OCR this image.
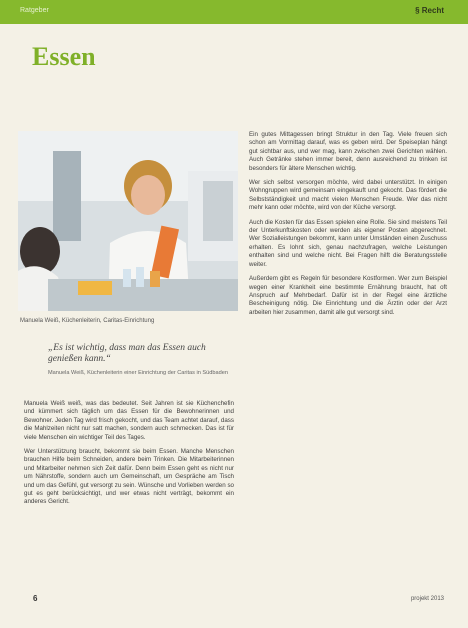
Ratgeber	§ Recht
Essen
Manuela Weiß, Küchenleiterin, Caritas-Einrichtung
„Es ist wichtig, dass man das Essen auch genießen kann.“
Manuela Weiß, Küchenleiterin einer Einrichtung der Caritas in Südbaden

Manuela Weiß weiß, was das bedeutet. Seit Jahren ist sie Küchenchefin und kümmert sich täglich um das Essen für die Bewohnerinnen und Bewohner. Jeden Tag wird frisch gekocht, und das Team achtet darauf, dass die Mahlzeiten nicht nur satt machen, sondern auch schmecken. Das ist für viele Menschen ein wichtiger Teil des Tages.

Wer Unterstützung braucht, bekommt sie beim Essen. Manche Menschen brauchen Hilfe beim Schneiden, andere beim Trinken. Die Mitarbeiterinnen und Mitarbeiter nehmen sich Zeit dafür. Denn beim Essen geht es nicht nur um Nährstoffe, sondern auch um Gemeinschaft, um Gespräche am Tisch und um das Gefühl, gut versorgt zu sein. Wünsche und Vorlieben werden so gut es geht berücksichtigt, und wer etwas nicht verträgt, bekommt ein anderes Gericht.

Ein gutes Mittagessen bringt Struktur in den Tag. Viele freuen sich schon am Vormittag darauf, was es geben wird. Der Speiseplan hängt gut sichtbar aus, und wer mag, kann zwischen zwei Gerichten wählen. Auch Getränke stehen immer bereit, denn ausreichend zu trinken ist besonders für ältere Menschen wichtig.

Wer sich selbst versorgen möchte, wird dabei unterstützt. In einigen Wohngruppen wird gemeinsam eingekauft und gekocht. Das fördert die Selbstständigkeit und macht vielen Menschen Freude. Wer das nicht mehr kann oder möchte, wird von der Küche versorgt.

Auch die Kosten für das Essen spielen eine Rolle. Sie sind meistens Teil der Unterkunftskosten oder werden als eigener Posten abgerechnet. Wer Sozialleistungen bekommt, kann unter Umständen einen Zuschuss erhalten. Es lohnt sich, genau nachzufragen, welche Leistungen enthalten sind und welche nicht. Bei Fragen hilft die Beratungsstelle weiter.

Außerdem gibt es Regeln für besondere Kostformen. Wer zum Beispiel wegen einer Krankheit eine bestimmte Ernährung braucht, hat oft Anspruch auf Mehrbedarf. Dafür ist in der Regel eine ärztliche Bescheinigung nötig. Die Einrichtung und die Ärztin oder der Arzt arbeiten hier zusammen, damit alle gut versorgt sind.

6	projekt 2013
